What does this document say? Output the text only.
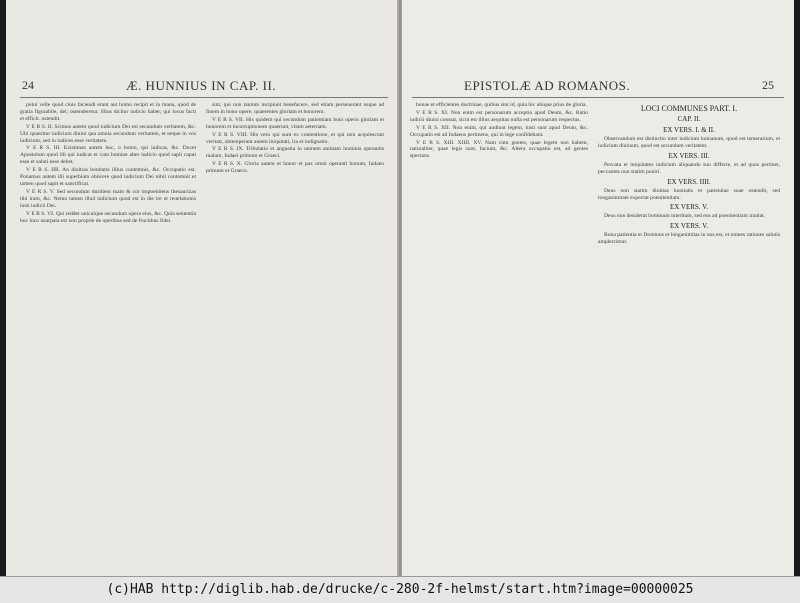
24	Æ. HUNNIUS IN CAP. II.

potui velle quod ciuis faciendi erant aut homo recipit et in manu, quod de gratia figurabile, dei; ostenderetur. illius dicitur iudicio habet; qui locus facit et efficit. ostendit.

V E R S. II. Scimus autem quod iudicium Dei est secundum veritatem, &c. Ubi quaeritur iudicium diuini qua omnia secundum veritatem, et neque in vos iudicium, sed in iudices esse veritatem.

V E R S. III. Existimas autem hoc, o homo, qui iudicas, &c. Docet Apostolum quod illi qui iudicat et cum homine alter iudicio quod sapit caput esse et saluti esse debet.

V E R S. IIII. An diuitias bonitatis illius contemnis, &c. Occupatio est. Ponamus autem illi superbiam obiicere quod iudicium Dei nihil contemnit et tamen quod sapit et sanctificat.

V E R S. V. Sed secundum duritiem tuam & cor impoenitens thesaurizas tibi iram, &c. Nemo tamen illud iudicium quod est in die ire et reuelationis iusti iudicii Dei.

V E R S. VI. Qui reddet unicuique secundum opera eius, &c. Quia sententia hoc loco usurpata est non proprie de operibus sed de fructibus fidei.

sint, qui non tantum incipiunt benefacere, sed etiam perseuerant usque ad finem in bono opere, quaerentes gloriam et honorem.

V E R S. VII. His quidem qui secundum patientiam boni operis gloriam et honorem et incorruptionem quaerunt, vitam aeternam.

V E R S. VIII. His vero qui sunt ex contentione, et qui non acquiescunt veritati, obtemperant autem iniquitati, ira et indignatio.

V E R S. IX. Tribulatio et angustia in omnem animam hominis operantis malum, Iudaei primum et Graeci.

V E R S. X. Gloria autem et honor et pax omni operanti bonum, Iudaeo primum et Graeco.

EPISTOLÆ AD ROMANOS.	25

bonae et efficientes doctrinae, quibus sint id, quia hic ubique prius de gloria.

V E R S. XI. Non enim est personarum acceptio apud Deum, &c. Ratio iudicii diuini constat, sicut est illius aequitas nulla est personarum respectus.

V E R S. XII. Non enim, qui audiunt legem, iusti sunt apud Deum, &c. Occupatio est ad Iudaeos pertinens, qui in lege confidebant.

V E R S. XIII. XIIII. XV. Nam cum gentes, quae legem non habent, naturaliter, quae legis sunt, faciunt, &c. Altera occupatio est, ad gentes spectans.

LOCI COMMUNES PART. I.
CAP. II.
EX VERS. I. & II.

Observandum est distinctio inter iudicium humanum, quod est temerarium, et iudicium diuinum, quod est secundum veritatem.

EX VERS. III.

Peccata et iniquitates iudicium aliquando suo differre, et ad quos pertinet, peccantes non statim puniri.

EX VERS. IIII.

Deus non statim diuitias bonitatis et patientiae suae ostendit, sed longanimitate expectat poenitentiam.

EX VERS. V.

Deus non desiderat hominum interitum, sed eos ad poenitentiam inuitat.

EX VERS. V.

Bona patientia et Dominus et longanimitas in nos est, et omnes rationes salutis amplectimur.

(c)HAB http://diglib.hab.de/drucke/c-280-2f-helmst/start.htm?image=00000025
